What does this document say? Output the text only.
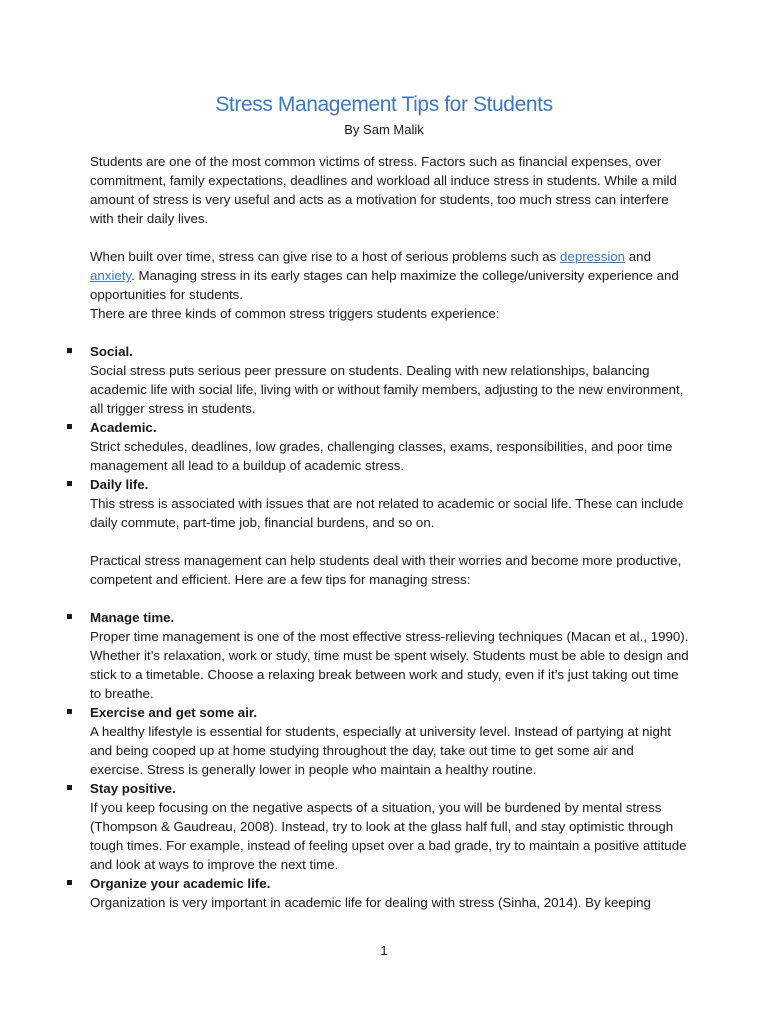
Stress Management Tips for Students
By Sam Malik

Students are one of the most common victims of stress. Factors such as financial expenses, over commitment, family expectations, deadlines and workload all induce stress in students. While a mild amount of stress is very useful and acts as a motivation for students, too much stress can interfere with their daily lives.

When built over time, stress can give rise to a host of serious problems such as depression and anxiety. Managing stress in its early stages can help maximize the college/university experience and opportunities for students.

There are three kinds of common stress triggers students experience:

Social.
Social stress puts serious peer pressure on students. Dealing with new relationships, balancing academic life with social life, living with or without family members, adjusting to the new environment, all trigger stress in students.
Academic.
Strict schedules, deadlines, low grades, challenging classes, exams, responsibilities, and poor time management all lead to a buildup of academic stress.
Daily life.
This stress is associated with issues that are not related to academic or social life. These can include daily commute, part-time job, financial burdens, and so on.

Practical stress management can help students deal with their worries and become more productive, competent and efficient. Here are a few tips for managing stress:

Manage time.
Proper time management is one of the most effective stress-relieving techniques (Macan et al., 1990). Whether it’s relaxation, work or study, time must be spent wisely. Students must be able to design and stick to a timetable. Choose a relaxing break between work and study, even if it’s just taking out time to breathe.
Exercise and get some air.
A healthy lifestyle is essential for students, especially at university level. Instead of partying at night and being cooped up at home studying throughout the day, take out time to get some air and exercise. Stress is generally lower in people who maintain a healthy routine.
Stay positive.
If you keep focusing on the negative aspects of a situation, you will be burdened by mental stress (Thompson & Gaudreau, 2008). Instead, try to look at the glass half full, and stay optimistic through tough times. For example, instead of feeling upset over a bad grade, try to maintain a positive attitude and look at ways to improve the next time.
Organize your academic life.
Organization is very important in academic life for dealing with stress (Sinha, 2014). By keeping
1
